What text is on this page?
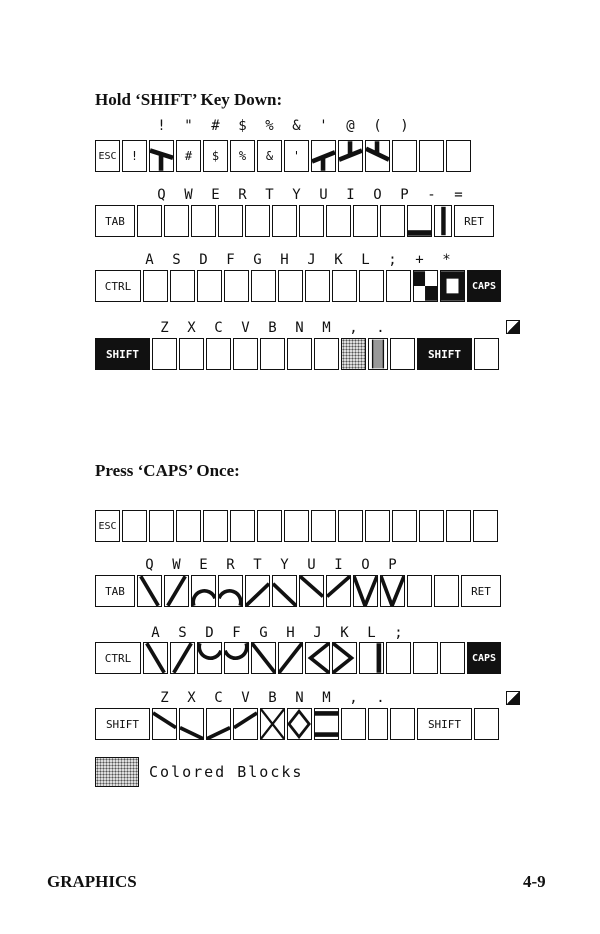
Hold ‘SHIFT’ Key Down:
!	"	#	$	%	&	'	@	(	)
ESC	!	#	$	%	&	'
Q	W	E	R	T	Y	U	I	O	P	-	=
TAB	RET
A	S	D	F	G	H	J	K	L	;	+	*
CTRL	CAPS
Z	X	C	V	B	N	M	,	.
SHIFT	SHIFT
Press ‘CAPS’ Once:
ESC
Q	W	E	R	T	Y	U	I	O	P
TAB	RET
A	S	D	F	G	H	J	K	L	;
CTRL	CAPS
Z	X	C	V	B	N	M	,	.
SHIFT	SHIFT
Colored Blocks
GRAPHICS	4-9
